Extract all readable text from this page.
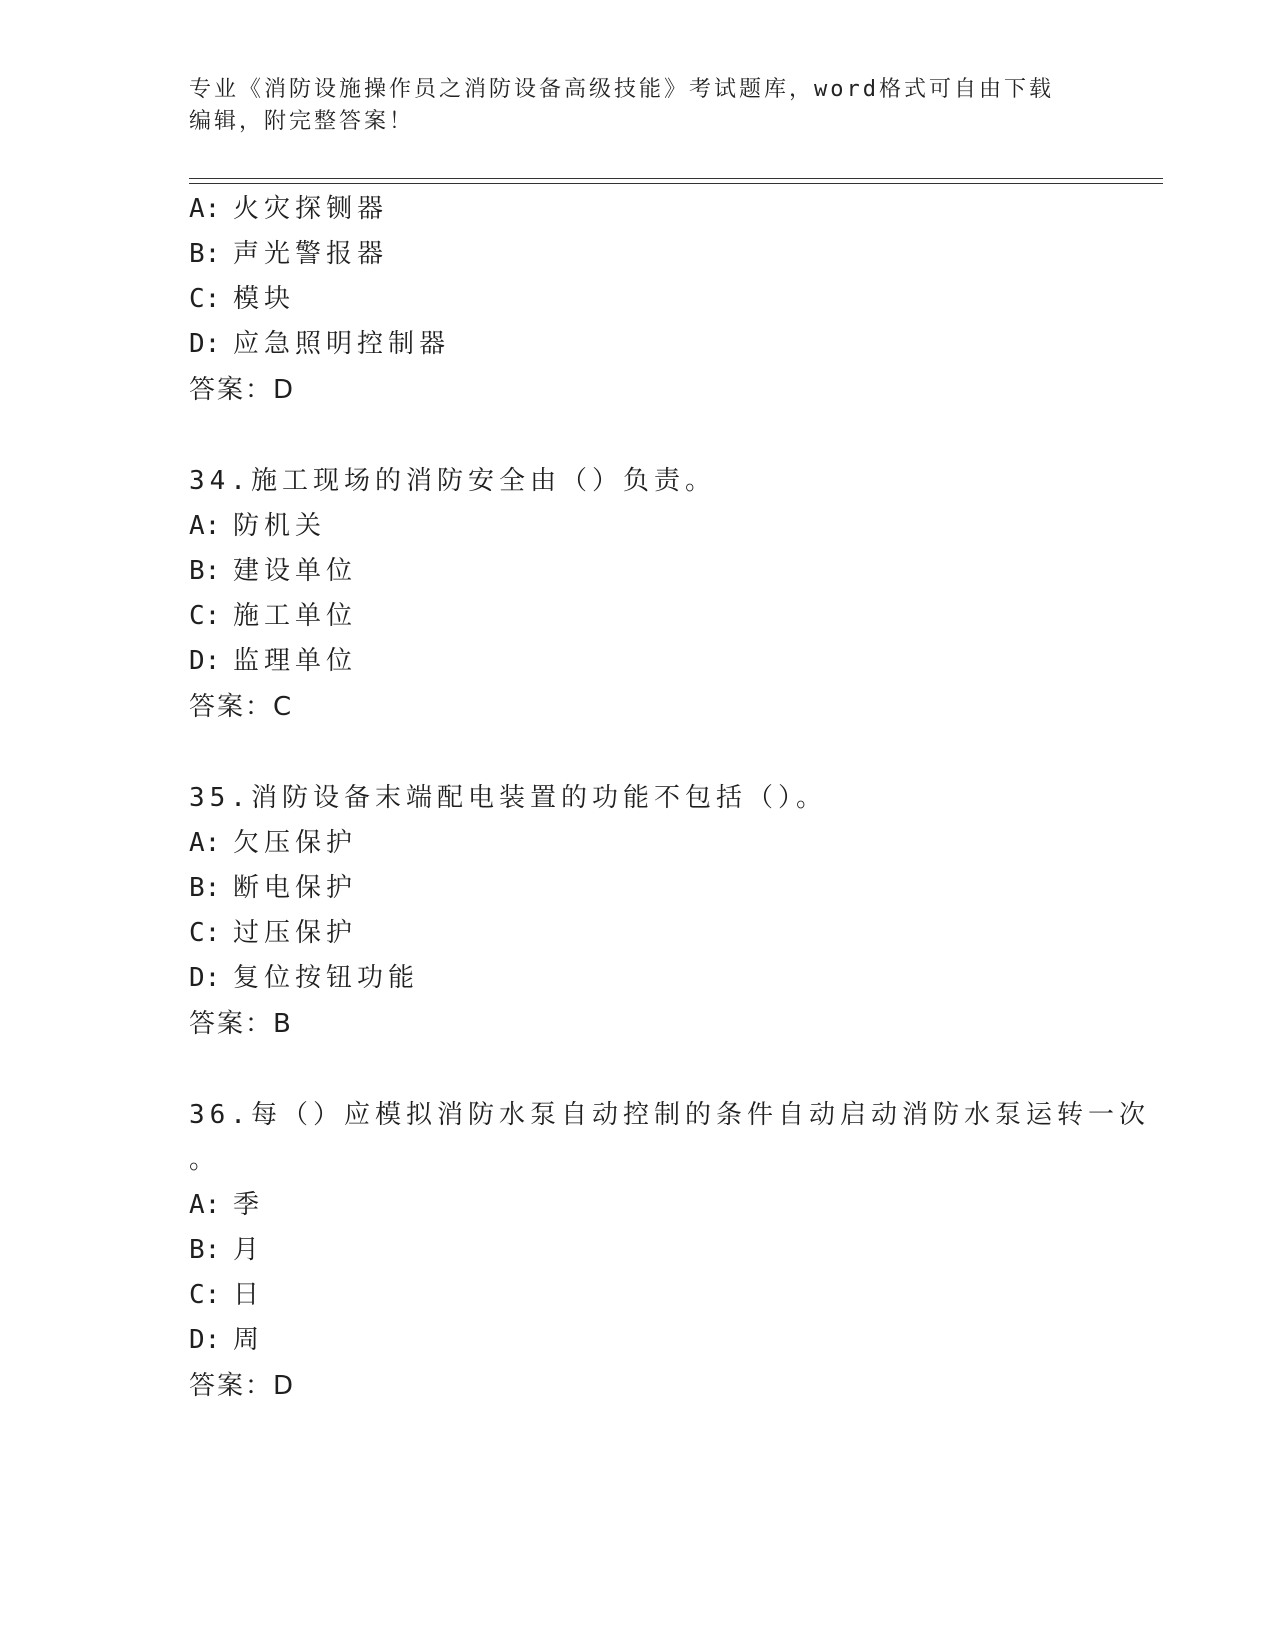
专业《消防设施操作员之消防设备高级技能》考试题库，word格式可自由下载编辑，附完整答案！
A: 火灾探铡器
B: 声光警报器
C: 模块
D: 应急照明控制器
答案：D
34.施工现场的消防安全由（）负责。
A: 防机关
B: 建设单位
C: 施工单位
D: 监理单位
答案：C
35.消防设备末端配电装置的功能不包括（）。
A: 欠压保护
B: 断电保护
C: 过压保护
D: 复位按钮功能
答案：B
36.每（）应模拟消防水泵自动控制的条件自动启动消防水泵运转一次
。
A: 季
B: 月
C: 日
D: 周
答案：D
